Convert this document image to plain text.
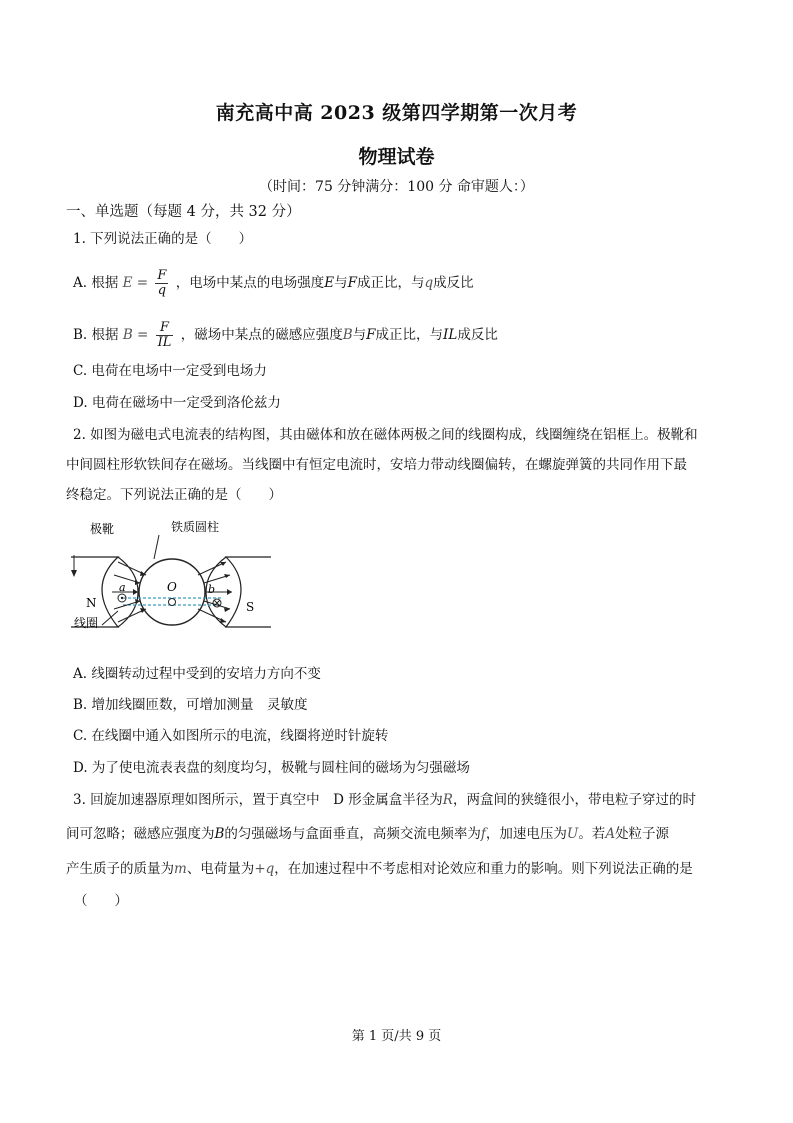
南充高中高 2023 级第四学期第一次月考
物理试卷
（时间：75 分钟满分：100 分 命审题人：）
一、单选题（每题 4 分，共 32 分）
1. 下列说法正确的是（　　）
A. 根据 $E = \frac{F}{q}$ ，电场中某点的电场强度E与F成正比，与q成反比
B. 根据 $B = \frac{F}{IL}$ ，磁场中某点的磁感应强度B与F成正比，与IL成反比
C. 电荷在电场中一定受到电场力
D. 电荷在磁场中一定受到洛伦兹力
2. 如图为磁电式电流表的结构图，其由磁体和放在磁体两极之间的线圈构成，线圈缠绕在铝框上。极靴和
中间圆柱形软铁间存在磁场。当线圈中有恒定电流时，安培力带动线圈偏转，在螺旋弹簧的共同作用下最
终稳定。下列说法正确的是（　　）
极靴	铁质圆柱
N	S
线圈
O
a	b
A. 线圈转动过程中受到的安培力方向不变
B. 增加线圈匝数，可增加测量　灵敏度
C. 在线圈中通入如图所示的电流，线圈将逆时针旋转
D. 为了使电流表表盘的刻度均匀，极靴与圆柱间的磁场为匀强磁场
3. 回旋加速器原理如图所示，置于真空中　D 形金属盒半径为R，两盒间的狭缝很小，带电粒子穿过的时
间可忽略；磁感应强度为B的匀强磁场与盒面垂直，高频交流电频率为f，加速电压为U。若A处粒子源
产生质子的质量为m、电荷量为+q，在加速过程中不考虑相对论效应和重力的影响。则下列说法正确的是
（　　）
第 1 页/共 9 页
